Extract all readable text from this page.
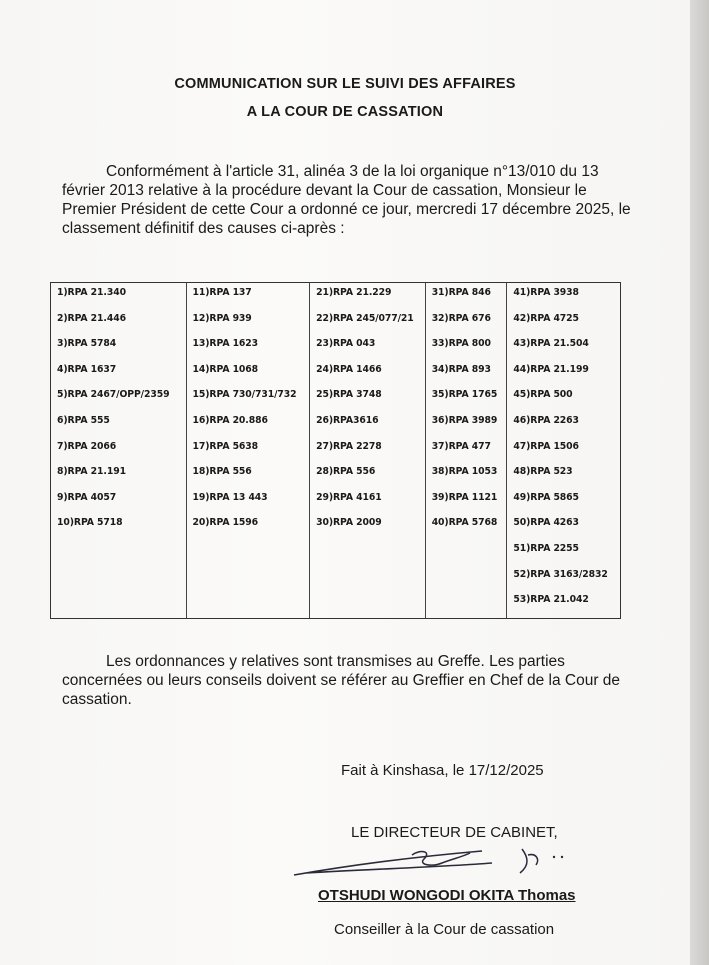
COMMUNICATION SUR LE SUIVI DES AFFAIRES
A LA COUR DE CASSATION
Conformément à l'article 31, alinéa 3 de la loi organique n°13/010 du 13 février 2013 relative à la procédure devant la Cour de cassation, Monsieur le Premier Président de cette Cour a ordonné ce jour, mercredi 17 décembre 2025, le classement définitif des causes ci-après :
1)RPA 21.340
2)RPA 21.446
3)RPA 5784
4)RPA 1637
5)RPA 2467/OPP/2359
6)RPA 555
7)RPA 2066
8)RPA 21.191
9)RPA 4057
10)RPA 5718
11)RPA 137
12)RPA 939
13)RPA 1623
14)RPA 1068
15)RPA 730/731/732
16)RPA 20.886
17)RPA 5638
18)RPA 556
19)RPA 13 443
20)RPA 1596
21)RPA 21.229
22)RPA 245/077/21
23)RPA 043
24)RPA 1466
25)RPA 3748
26)RPA3616
27)RPA 2278
28)RPA 556
29)RPA 4161
30)RPA 2009
31)RPA 846
32)RPA 676
33)RPA 800
34)RPA 893
35)RPA 1765
36)RPA 3989
37)RPA 477
38)RPA 1053
39)RPA 1121
40)RPA 5768
41)RPA 3938
42)RPA 4725
43)RPA 21.504
44)RPA 21.199
45)RPA 500
46)RPA 2263
47)RPA 1506
48)RPA 523
49)RPA 5865
50)RPA 4263
51)RPA 2255
52)RPA 3163/2832
53)RPA 21.042
Les ordonnances y relatives sont transmises au Greffe. Les parties concernées ou leurs conseils doivent se référer au Greffier en Chef de la Cour de cassation.
Fait à Kinshasa, le 17/12/2025
LE DIRECTEUR DE CABINET,
OTSHUDI WONGODI OKITA Thomas
Conseiller à la Cour de cassation
